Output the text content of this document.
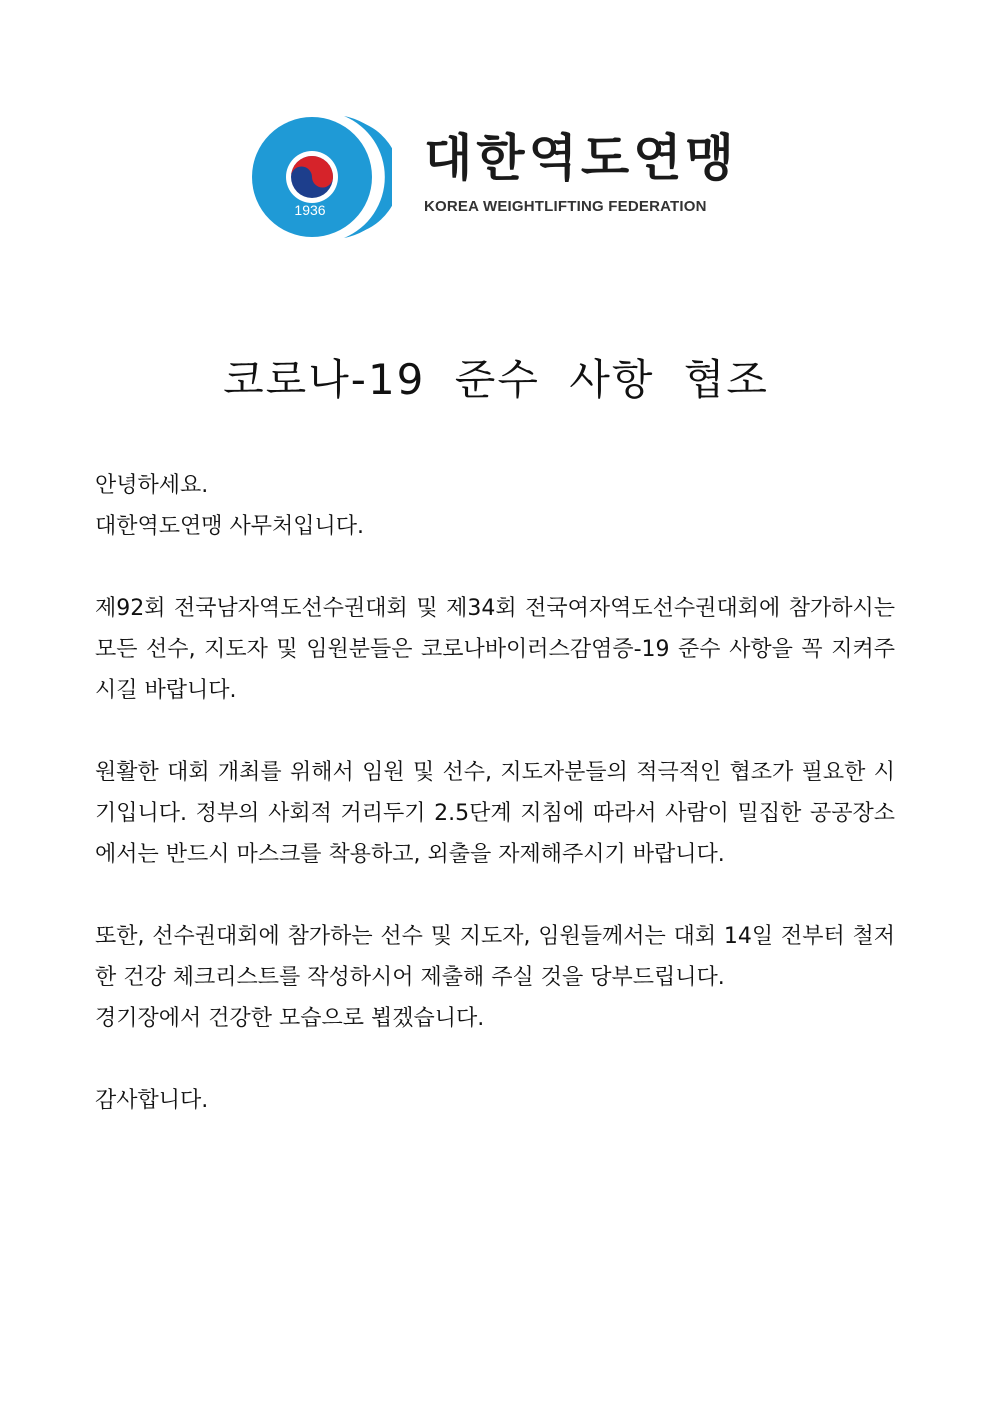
1936
대한역도연맹
KOREA WEIGHTLIFTING FEDERATION
코로나-19 준수 사항 협조

안녕하세요.

대한역도연맹 사무처입니다.

제92회 전국남자역도선수권대회 및 제34회 전국여자역도선수권대회에 참가하시는 모든 선수, 지도자 및 임원분들은 코로나바이러스감염증-19 준수 사항을 꼭 지켜주시길 바랍니다.

원활한 대회 개최를 위해서 임원 및 선수, 지도자분들의 적극적인 협조가 필요한 시기입니다. 정부의 사회적 거리두기 2.5단계 지침에 따라서 사람이 밀집한 공공장소에서는 반드시 마스크를 착용하고, 외출을 자제해주시기 바랍니다.

또한, 선수권대회에 참가하는 선수 및 지도자, 임원들께서는 대회 14일 전부터 철저한 건강 체크리스트를 작성하시어 제출해 주실 것을 당부드립니다.

경기장에서 건강한 모습으로 뵙겠습니다.

감사합니다.
